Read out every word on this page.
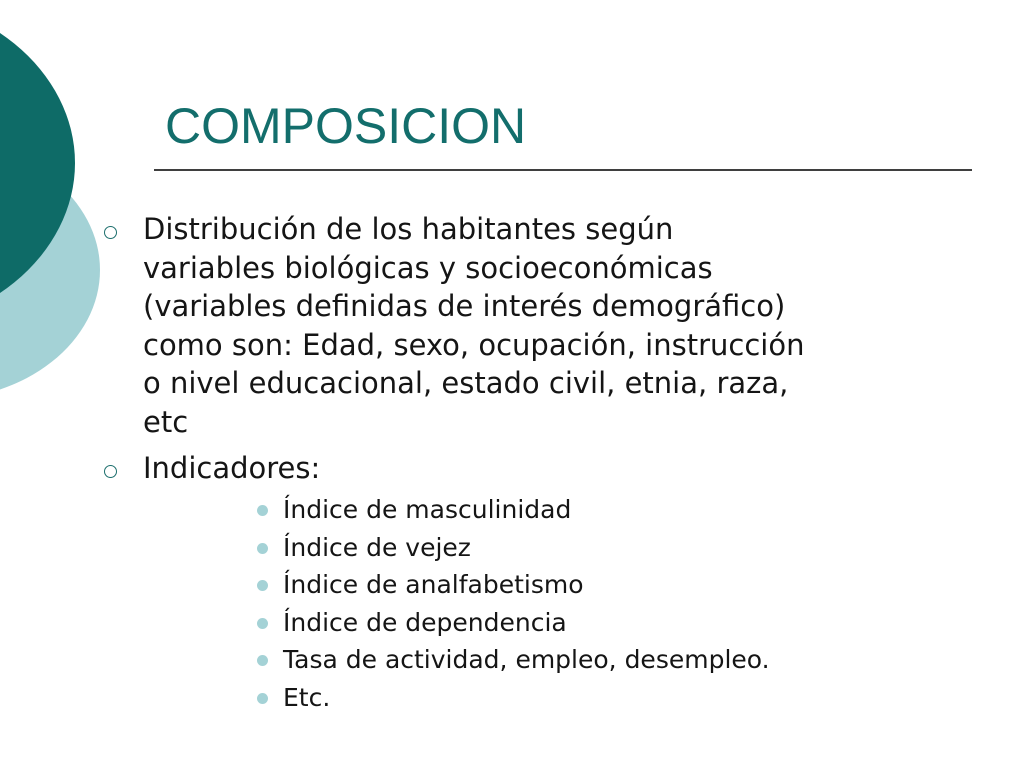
COMPOSICION
Distribución de los habitantes según
variables biológicas y socioeconómicas
(variables definidas de interés demográfico)
como son: Edad, sexo, ocupación, instrucción
o nivel educacional, estado civil, etnia, raza,
etc
Indicadores:
Índice de masculinidad
Índice de vejez
Índice de analfabetismo
Índice de dependencia
Tasa de actividad, empleo, desempleo.
Etc.
